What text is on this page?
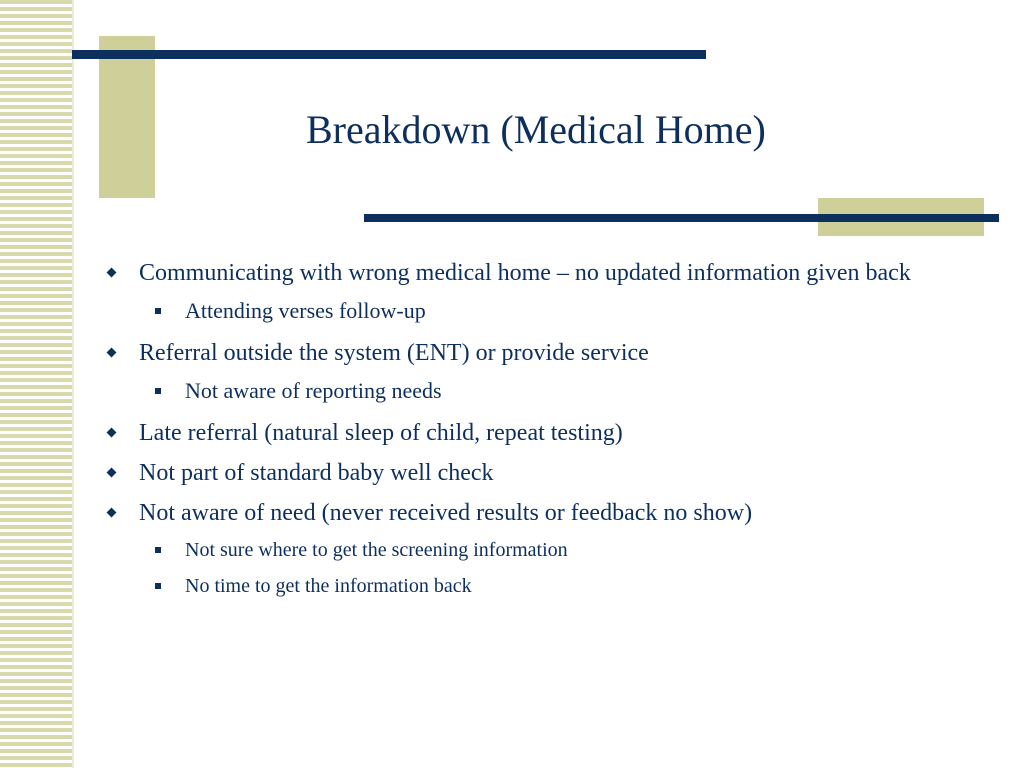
Breakdown (Medical Home)
Communicating with wrong medical home – no updated information given back
Attending verses follow-up
Referral outside the system (ENT) or provide service
Not aware of reporting needs
Late referral (natural sleep of child, repeat testing)
Not part of standard baby well check
Not aware of need (never received results or feedback no show)
Not sure where to get the screening information
No time to get the information back
